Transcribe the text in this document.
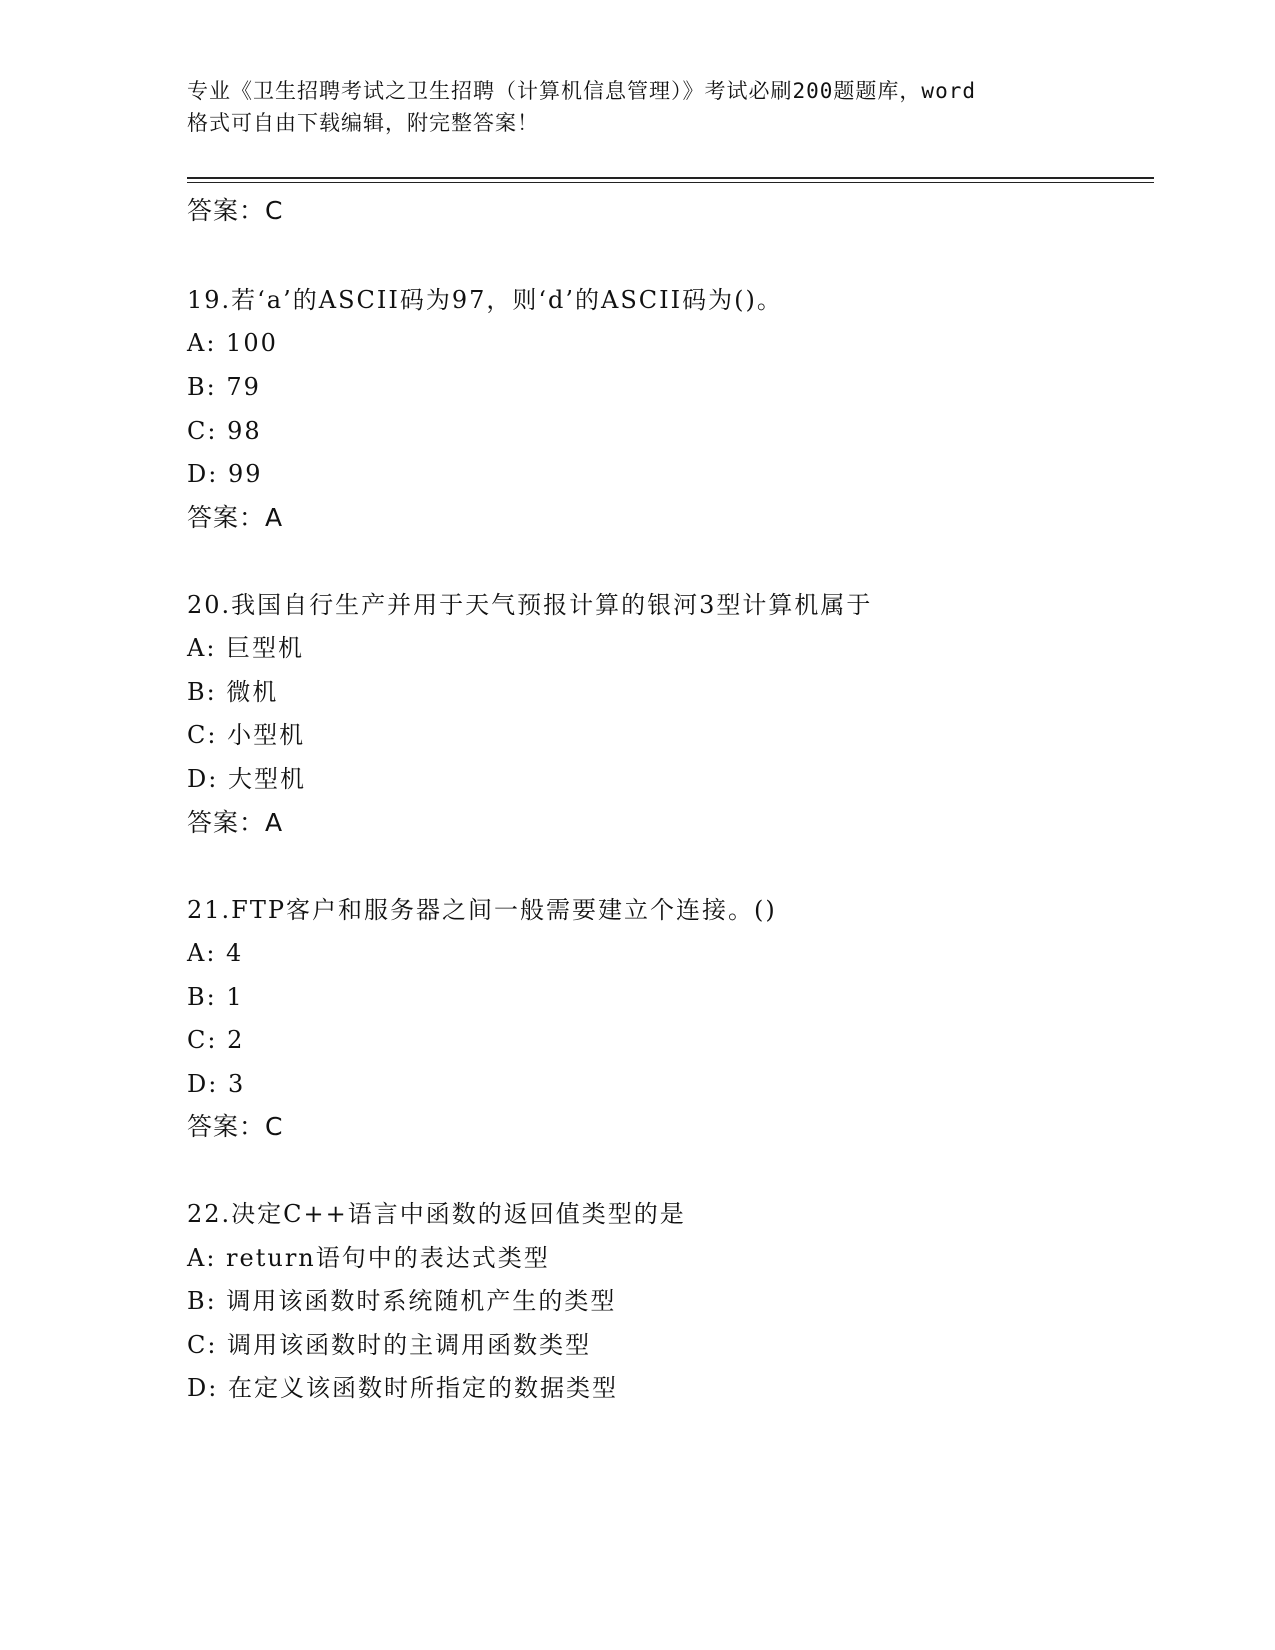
专业《卫生招聘考试之卫生招聘（计算机信息管理）》考试必刷200题题库，word
格式可自由下载编辑，附完整答案！
答案：C
19.若‘a’的ASCII码为97，则‘d’的ASCII码为()。
A: 100
B: 79
C: 98
D: 99
答案：A
20.我国自行生产并用于天气预报计算的银河3型计算机属于
A: 巨型机
B: 微机
C: 小型机
D: 大型机
答案：A
21.FTP客户和服务器之间一般需要建立个连接。()
A: 4
B: 1
C: 2
D: 3
答案：C
22.决定C++语言中函数的返回值类型的是
A: return语句中的表达式类型
B: 调用该函数时系统随机产生的类型
C: 调用该函数时的主调用函数类型
D: 在定义该函数时所指定的数据类型
